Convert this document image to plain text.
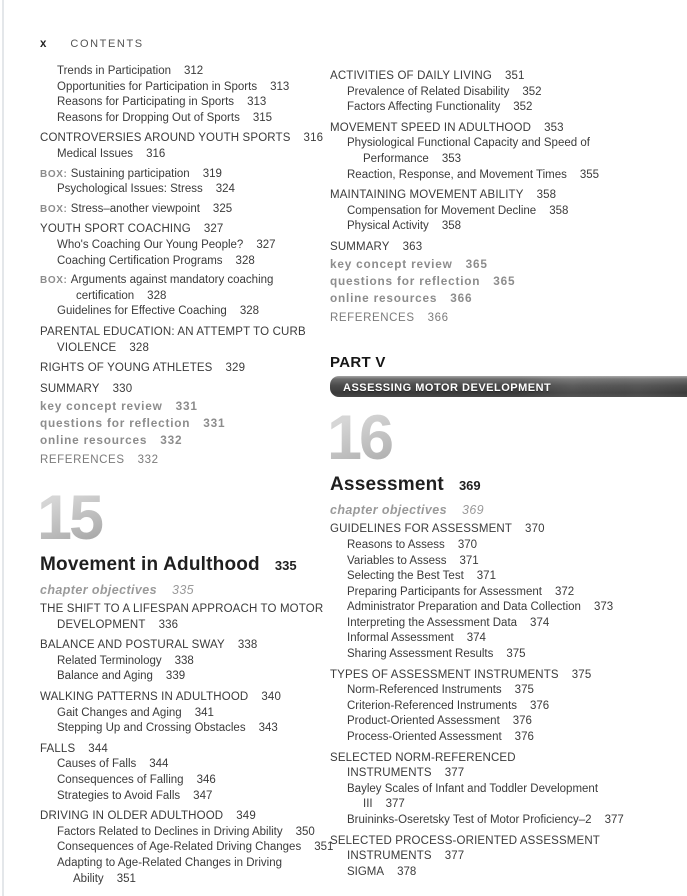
x CONTENTS
Trends in Participation 312
Opportunities for Participation in Sports 313
Reasons for Participating in Sports 313
Reasons for Dropping Out of Sports 315
CONTROVERSIES AROUND YOUTH SPORTS 316
Medical Issues 316
BOX: Sustaining participation 319
Psychological Issues: Stress 324
BOX: Stress–another viewpoint 325
YOUTH SPORT COACHING 327
Who's Coaching Our Young People? 327
Coaching Certification Programs 328
BOX: Arguments against mandatory coaching
certification 328
Guidelines for Effective Coaching 328
PARENTAL EDUCATION: AN ATTEMPT TO CURB
VIOLENCE 328
RIGHTS OF YOUNG ATHLETES 329
SUMMARY 330
key concept review 331
questions for reflection 331
online resources 332
REFERENCES 332
15
Movement in Adulthood 335
chapter objectives 335
THE SHIFT TO A LIFESPAN APPROACH TO MOTOR
DEVELOPMENT 336
BALANCE AND POSTURAL SWAY 338
Related Terminology 338
Balance and Aging 339
WALKING PATTERNS IN ADULTHOOD 340
Gait Changes and Aging 341
Stepping Up and Crossing Obstacles 343
FALLS 344
Causes of Falls 344
Consequences of Falling 346
Strategies to Avoid Falls 347
DRIVING IN OLDER ADULTHOOD 349
Factors Related to Declines in Driving Ability 350
Consequences of Age-Related Driving Changes 351
Adapting to Age-Related Changes in Driving
Ability 351
ACTIVITIES OF DAILY LIVING 351
Prevalence of Related Disability 352
Factors Affecting Functionality 352
MOVEMENT SPEED IN ADULTHOOD 353
Physiological Functional Capacity and Speed of
Performance 353
Reaction, Response, and Movement Times 355
MAINTAINING MOVEMENT ABILITY 358
Compensation for Movement Decline 358
Physical Activity 358
SUMMARY 363
key concept review 365
questions for reflection 365
online resources 366
REFERENCES 366
PART V
ASSESSING MOTOR DEVELOPMENT
16
Assessment 369
chapter objectives 369
GUIDELINES FOR ASSESSMENT 370
Reasons to Assess 370
Variables to Assess 371
Selecting the Best Test 371
Preparing Participants for Assessment 372
Administrator Preparation and Data Collection 373
Interpreting the Assessment Data 374
Informal Assessment 374
Sharing Assessment Results 375
TYPES OF ASSESSMENT INSTRUMENTS 375
Norm-Referenced Instruments 375
Criterion-Referenced Instruments 376
Product-Oriented Assessment 376
Process-Oriented Assessment 376
SELECTED NORM-REFERENCED
INSTRUMENTS 377
Bayley Scales of Infant and Toddler Development
III 377
Bruininks-Oseretsky Test of Motor Proficiency–2 377
SELECTED PROCESS-ORIENTED ASSESSMENT
INSTRUMENTS 377
SIGMA 378
